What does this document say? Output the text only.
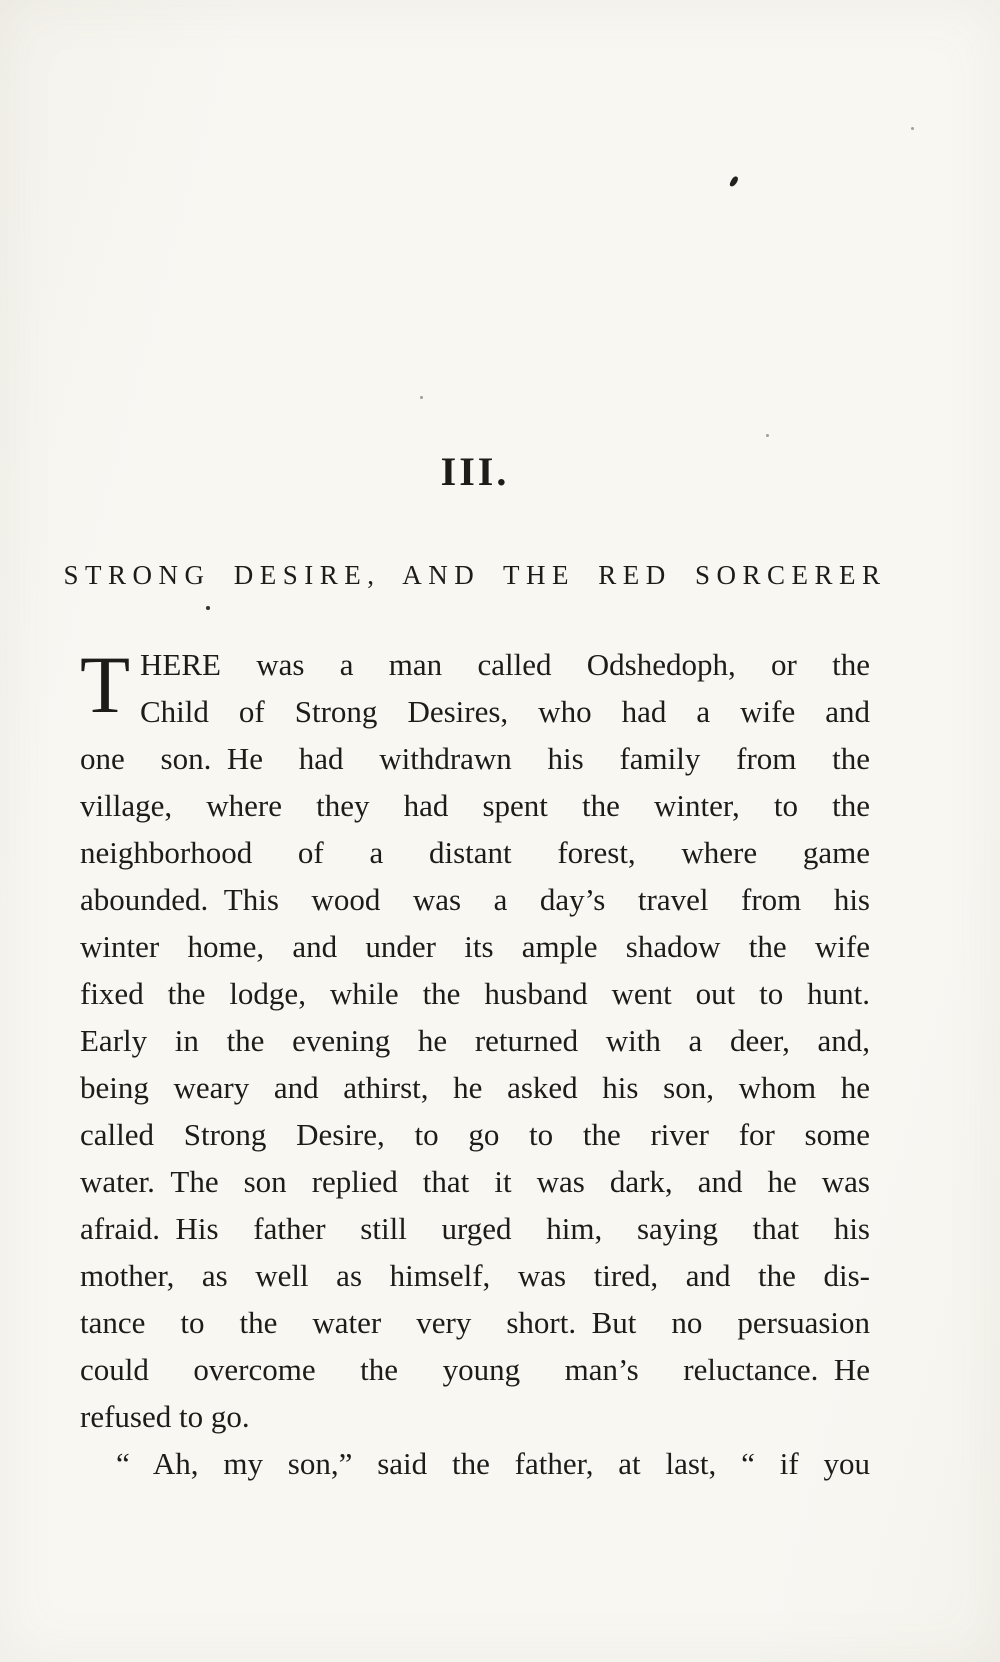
III.
STRONG DESIRE, AND THE RED SORCERER
T HERE was a man called Odshedoph, or the
Child of Strong Desires, who had a wife and
one son. He had withdrawn his family from the
village, where they had spent the winter, to the
neighborhood of a distant forest, where game
abounded. This wood was a day’s travel from his
winter home, and under its ample shadow the wife
fixed the lodge, while the husband went out to hunt.
Early in the evening he returned with a deer, and,
being weary and athirst, he asked his son, whom he
called Strong Desire, to go to the river for some
water. The son replied that it was dark, and he was
afraid. His father still urged him, saying that his
mother, as well as himself, was tired, and the dis-
tance to the water very short. But no persuasion
could overcome the young man’s reluctance. He
refused to go.
“ Ah, my son,” said the father, at last, “ if you
